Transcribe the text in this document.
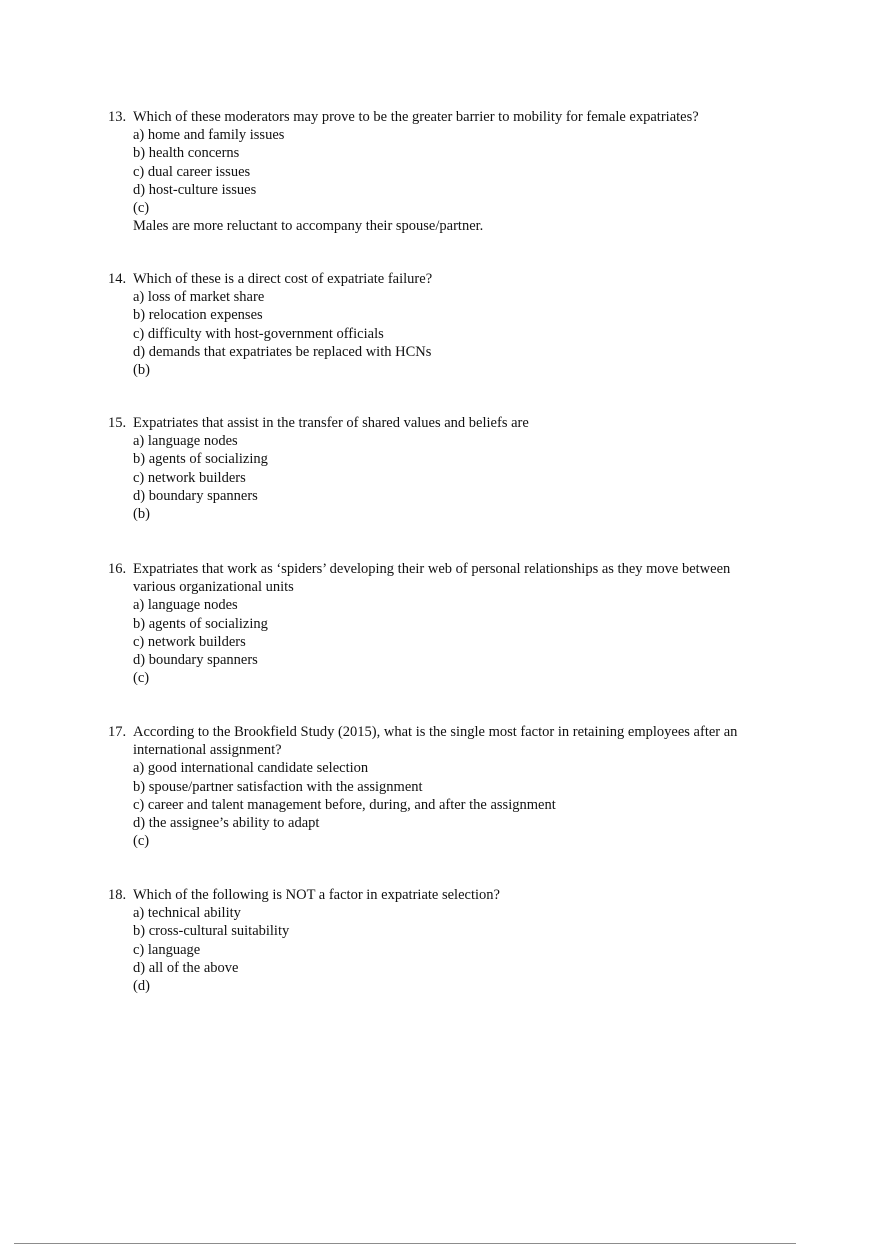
13. Which of these moderators may prove to be the greater barrier to mobility for female expatriates?
a) home and family issues
b) health concerns
c) dual career issues
d) host-culture issues
(c)
Males are more reluctant to accompany their spouse/partner.
14. Which of these is a direct cost of expatriate failure?
a) loss of market share
b) relocation expenses
c) difficulty with host-government officials
d) demands that expatriates be replaced with HCNs
(b)
15. Expatriates that assist in the transfer of shared values and beliefs are
a) language nodes
b) agents of socializing
c) network builders
d) boundary spanners
(b)
16. Expatriates that work as ‘spiders’ developing their web of personal relationships as they move between
various organizational units
a) language nodes
b) agents of socializing
c) network builders
d) boundary spanners
(c)
17. According to the Brookfield Study (2015), what is the single most factor in retaining employees after an
international assignment?
a) good international candidate selection
b) spouse/partner satisfaction with the assignment
c) career and talent management before, during, and after the assignment
d) the assignee’s ability to adapt
(c)
18. Which of the following is NOT a factor in expatriate selection?
a) technical ability
b) cross-cultural suitability
c) language
d) all of the above
(d)
